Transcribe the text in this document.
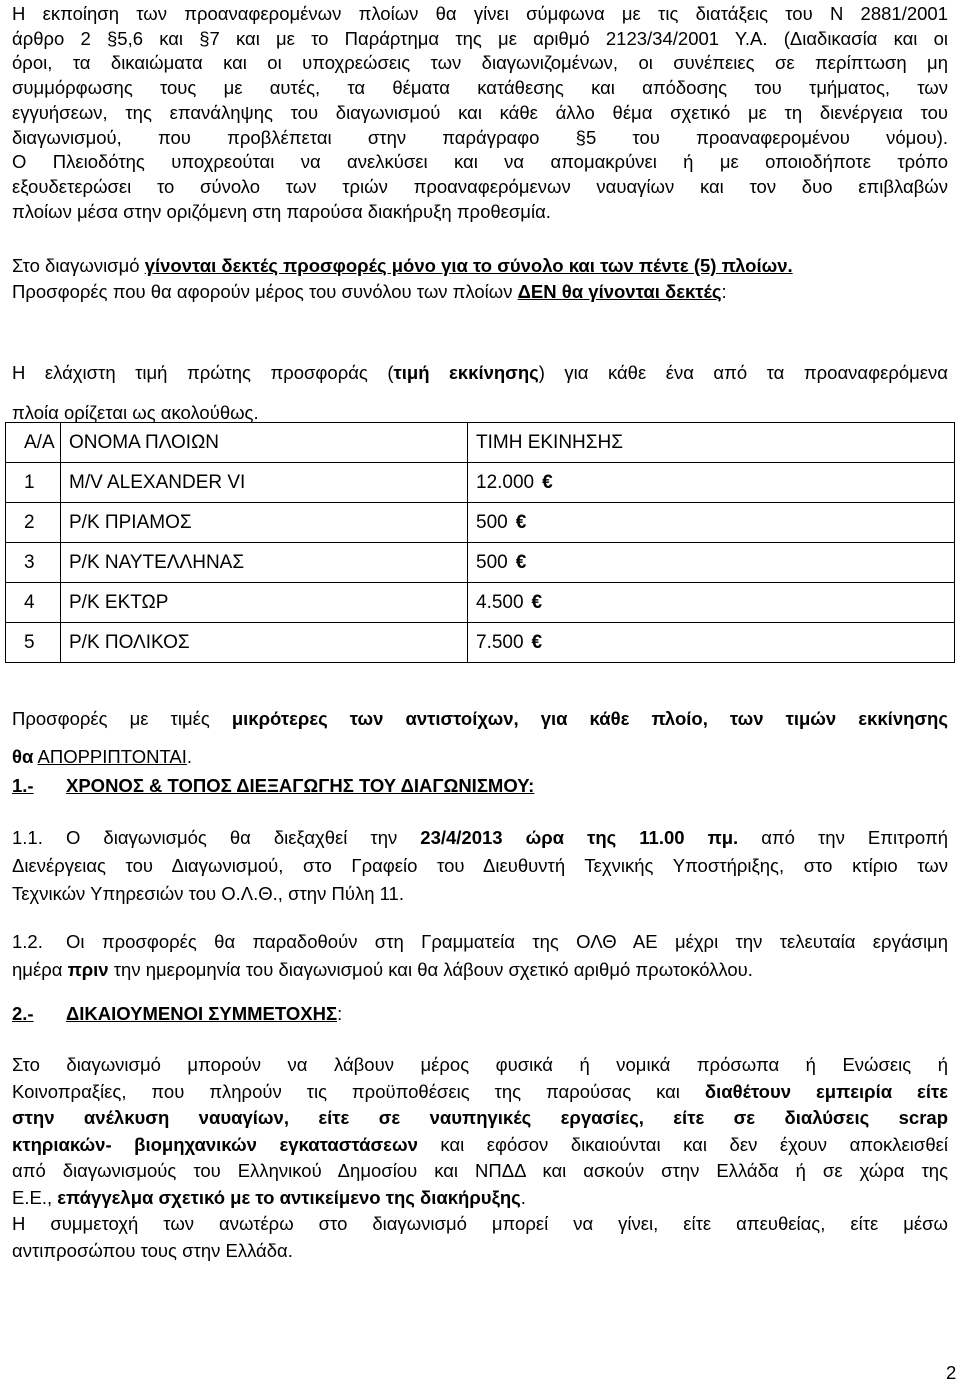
Η εκποίηση των προαναφερομένων πλοίων θα γίνει σύμφωνα με τις διατάξεις του Ν 2881/2001
άρθρο 2 §5,6 και §7 και με το Παράρτημα της με αριθμό 2123/34/2001 Υ.Α. (Διαδικασία και οι
όροι, τα δικαιώματα και οι υποχρεώσεις των διαγωνιζομένων, οι συνέπειες σε περίπτωση μη
συμμόρφωσης τους με αυτές, τα θέματα κατάθεσης και απόδοσης του τμήματος, των
εγγυήσεων, της επανάληψης του διαγωνισμού και κάθε άλλο θέμα σχετικό με τη διενέργεια του
διαγωνισμού, που προβλέπεται στην παράγραφο §5 του προαναφερομένου νόμου).
Ο Πλειοδότης υποχρεούται να ανελκύσει και να απομακρύνει ή με οποιοδήποτε τρόπο
εξουδετερώσει το σύνολο των τριών προαναφερόμενων ναυαγίων και τον δυο επιβλαβών
πλοίων μέσα στην οριζόμενη στη παρούσα διακήρυξη προθεσμία.
Στο διαγωνισμό γίνονται δεκτές προσφορές μόνο για το σύνολο και των πέντε (5) πλοίων.
Προσφορές που θα αφορούν μέρος του συνόλου των πλοίων ΔΕΝ θα γίνονται δεκτές:
Η ελάχιστη τιμή πρώτης προσφοράς (τιμή εκκίνησης) για κάθε ένα από τα προαναφερόμενα
πλοία ορίζεται ως ακολούθως.
Α/Α	ΟΝΟΜΑ ΠΛΟΙΩΝ	ΤΙΜΗ ΕΚΙΝΗΣΗΣ
1	M/V ALEXANDER VI	12.000 €
2	Ρ/Κ ΠΡΙΑΜΟΣ	500 €
3	Ρ/Κ ΝΑΥΤΕΛΛΗΝΑΣ	500 €
4	Ρ/Κ ΕΚΤΩΡ	4.500 €
5	Ρ/Κ ΠΟΛΙΚΟΣ	7.500 €
Προσφορές με τιμές μικρότερες των αντιστοίχων, για κάθε πλοίο, των τιμών εκκίνησης
θα ΑΠΟΡΡΙΠΤΟΝΤΑΙ.
1.- ΧΡΟΝΟΣ & ΤΟΠΟΣ ΔΙΕΞΑΓΩΓΗΣ ΤΟΥ ΔΙΑΓΩΝΙΣΜΟΥ:
1.1. Ο διαγωνισμός θα διεξαχθεί την 23/4/2013 ώρα της 11.00 πμ. από την Επιτροπή
Διενέργειας του Διαγωνισμού, στο Γραφείο του Διευθυντή Τεχνικής Υποστήριξης, στο κτίριο των
Τεχνικών Υπηρεσιών του Ο.Λ.Θ., στην Πύλη 11.
1.2. Οι προσφορές θα παραδοθούν στη Γραμματεία της ΟΛΘ ΑΕ μέχρι την τελευταία εργάσιμη
ημέρα πριν την ημερομηνία του διαγωνισμού και θα λάβουν σχετικό αριθμό πρωτοκόλλου.
2.- ΔΙΚΑΙΟΥΜΕΝΟΙ ΣΥΜΜΕΤΟΧΗΣ:
Στο διαγωνισμό μπορούν να λάβουν μέρος φυσικά ή νομικά πρόσωπα ή Ενώσεις ή
Κοινοπραξίες, που πληρούν τις προϋποθέσεις της παρούσας και διαθέτουν εμπειρία είτε
στην ανέλκυση ναυαγίων, είτε σε ναυπηγικές εργασίες, είτε σε διαλύσεις scrap
κτηριακών- βιομηχανικών εγκαταστάσεων και εφόσον δικαιούνται και δεν έχουν αποκλεισθεί
από διαγωνισμούς του Ελληνικού Δημοσίου και ΝΠΔΔ και ασκούν στην Ελλάδα ή σε χώρα της
Ε.Ε., επάγγελμα σχετικό με το αντικείμενο της διακήρυξης.
Η συμμετοχή των ανωτέρω στο διαγωνισμό μπορεί να γίνει, είτε απευθείας, είτε μέσω
αντιπροσώπου τους στην Ελλάδα.
2
